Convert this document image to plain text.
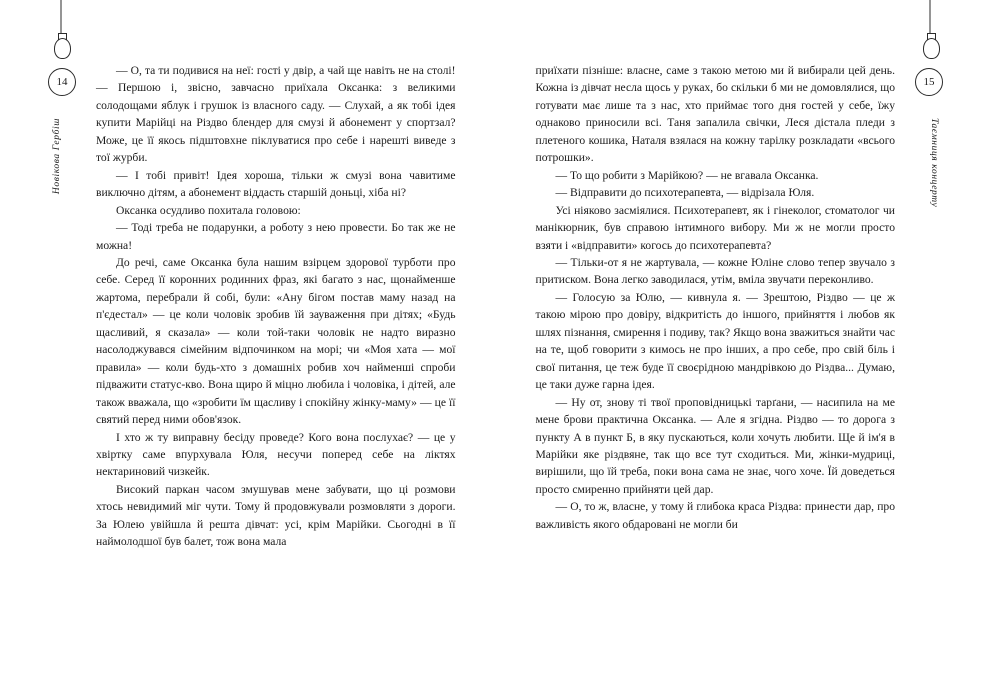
14
Новікова Гербіш

— О, та ти подивися на неї: гості у двір, а чай ще навіть не на столі! — Першою і, звісно, завчасно приїхала Оксанка: з великими солодощами яблук і грушок із власного саду. — Слухай, а як тобі ідея купити Марійці на Різдво блендер для смузі й абонемент у спортзал? Може, це її якось підштовхне піклуватися про себе і нарешті виведе з тої журби.

— І тобі привіт! Ідея хороша, тільки ж смузі вона чавитиме виключно дітям, а абонемент віддасть старшій доньці, хіба ні?

Оксанка осудливо похитала головою:

— Тоді треба не подарунки, а роботу з нею провести. Бо так же не можна!

До речі, саме Оксанка була нашим взірцем здорової турботи про себе. Серед її коронних родинних фраз, які багато з нас, щонайменше жартома, перебрали й собі, були: «Ану бігом постав маму назад на п'єдестал» — це коли чоловік зробив їй зауваження при дітях; «Будь щасливий, я сказала» — коли той-таки чоловік не надто виразно насолоджувався сімейним відпочинком на морі; чи «Моя хата — мої правила» — коли будь-хто з домашніх робив хоч найменші спроби підважити статус-кво. Вона щиро й міцно любила і чоловіка, і дітей, але також вважала, що «зробити їм щасливу і спокійну жінку-маму» — це її святий перед ними обов'язок.

І хто ж ту виправну бесіду проведе? Кого вона послухає? — це у хвіртку саме впурхувала Юля, несучи поперед себе на ліктях нектариновий чизкейк.

Високий паркан часом змушував мене забувати, що ці розмови хтось невидимий міг чути. Тому й продовжували розмовляти з дороги. За Юлею увійшла й решта дівчат: усі, крім Марійки. Сьогодні в її наймолодшої був балет, тож вона мала

15
Таємниця концерту

приїхати пізніше: власне, саме з такою метою ми й вибирали цей день. Кожна із дівчат несла щось у руках, бо скільки б ми не домовлялися, що готувати має лише та з нас, хто приймає того дня гостей у себе, їжу однаково приносили всі. Таня запалила свічки, Леся дістала пледи з плетеного кошика, Наталя взялася на кожну тарілку розкладати «всього потрошки».

— То що робити з Марійкою? — не вгавала Оксанка.

— Відправити до психотерапевта, — відрізала Юля.

Усі ніяково засміялися. Психотерапевт, як і гінеколог, стоматолог чи манікюрник, був справою інтимного вибору. Ми ж не могли просто взяти і «відправити» когось до психотерапевта?

— Тільки-от я не жартувала, — кожне Юліне слово тепер звучало з притиском. Вона легко заводилася, утім, вміла звучати переконливо.

— Голосую за Юлю, — кивнула я. — Зрештою, Різдво — це ж такою мірою про довіру, відкритість до іншого, прийняття і любов як шлях пізнання, смирення і подиву, так? Якщо вона зважиться знайти час на те, щоб говорити з кимось не про інших, а про себе, про свій біль і свої питання, це теж буде її своєрідною мандрівкою до Різдва... Думаю, це таки дуже гарна ідея.

— Ну от, знову ті твої проповідницькі тарґани, — насипила на ме мене брови практична Оксанка. — Але я згідна. Різдво — то дорога з пункту А в пункт Б, в яку пускаються, коли хочуть любити. Ще й ім'я в Марійки яке різдвяне, так що все тут сходиться. Ми, жінки-мудриці, вирішили, що їй треба, поки вона сама не знає, чого хоче. Їй доведеться просто смиренно прийняти цей дар.

— О, то ж, власне, у тому й глибока краса Різдва: принести дар, про важливість якого обдаровані не могли би
